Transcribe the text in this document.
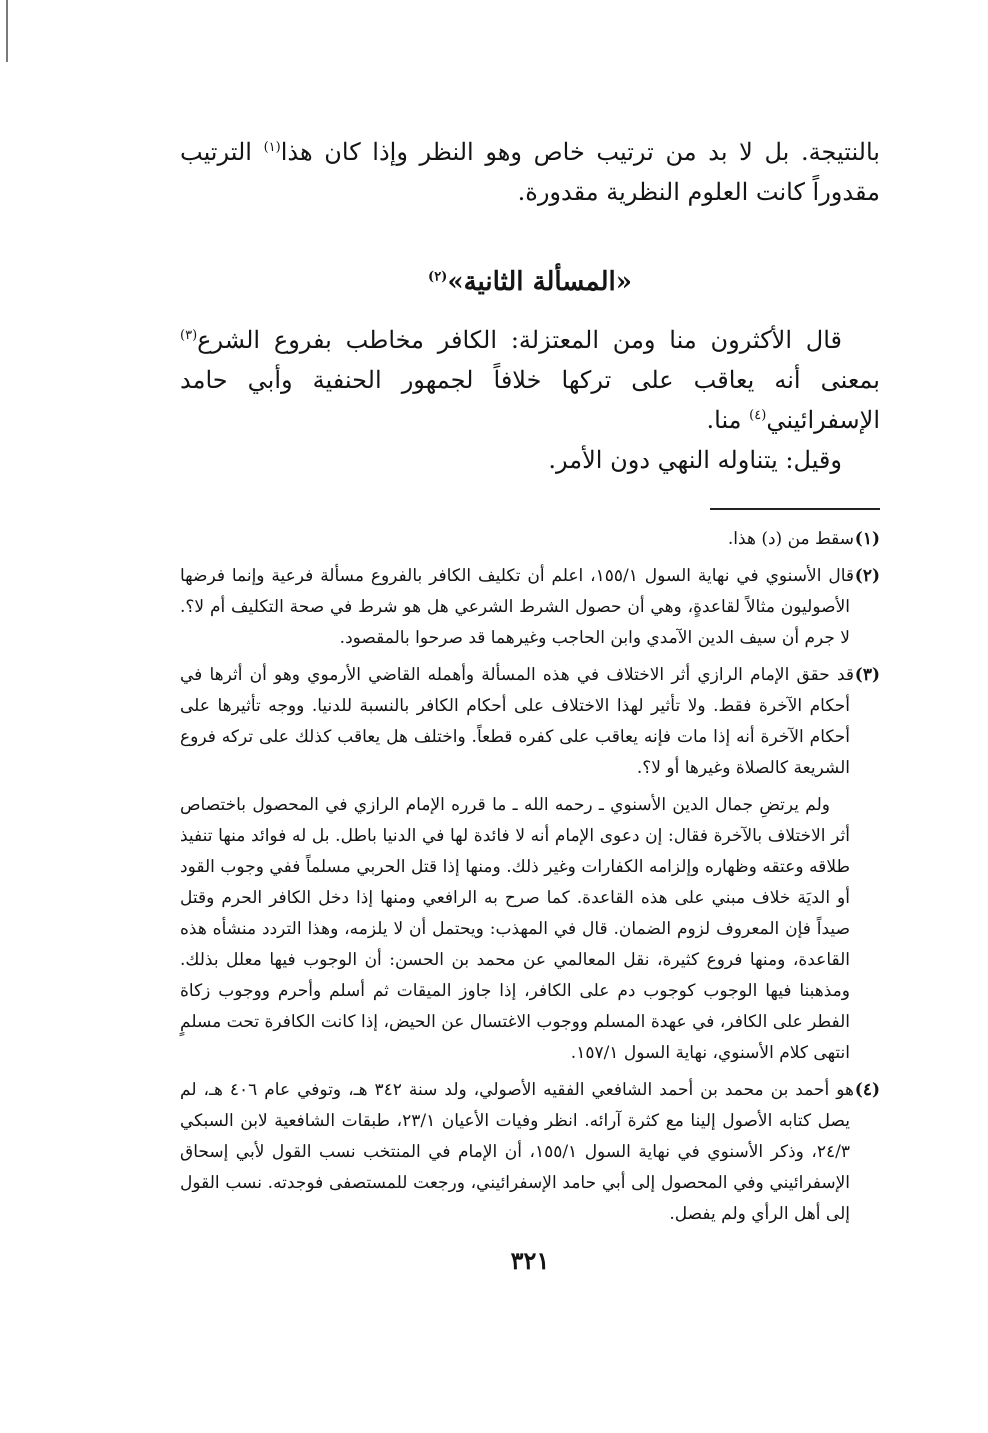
بالنتيجة. بل لا بد من ترتيب خاص وهو النظر وإذا كان هذا$^{(١)}$ الترتيب مقدوراً كانت العلوم النظرية مقدورة.

«المسألة الثانية»$^{(٢)}$

قال الأكثرون منا ومن المعتزلة: الكافر مخاطب بفروع الشرع$^{(٣)}$ بمعنى أنه يعاقب على تركها خلافاً لجمهور الحنفية وأبي حامد الإسفرائيني$^{(٤)}$ منا.

وقيل: يتناوله النهي دون الأمر.

(١)سقط من (د) هذا.

(٢)قال الأسنوي في نهاية السول ١٥٥/١، اعلم أن تكليف الكافر بالفروع مسألة فرعية وإنما فرضها الأصوليون مثالاً لقاعدةٍ، وهي أن حصول الشرط الشرعي هل هو شرط في صحة التكليف أم لا؟. لا جرم أن سيف الدين الآمدي وابن الحاجب وغيرهما قد صرحوا بالمقصود.

(٣)قد حقق الإمام الرازي أثر الاختلاف في هذه المسألة وأهمله القاضي الأرموي وهو أن أثرها في أحكام الآخرة فقط. ولا تأثير لهذا الاختلاف على أحكام الكافر بالنسبة للدنيا. ووجه تأثيرها على أحكام الآخرة أنه إذا مات فإنه يعاقب على كفره قطعاً. واختلف هل يعاقب كذلك على تركه فروع الشريعة كالصلاة وغيرها أو لا؟.

ولم يرتضِ جمال الدين الأسنوي ـ رحمه الله ـ ما قرره الإمام الرازي في المحصول باختصاص أثر الاختلاف بالآخرة فقال: إن دعوى الإمام أنه لا فائدة لها في الدنيا باطل. بل له فوائد منها تنفيذ طلاقه وعتقه وظهاره وإلزامه الكفارات وغير ذلك. ومنها إذا قتل الحربي مسلماً ففي وجوب القود أو الديَة خلاف مبني على هذه القاعدة. كما صرح به الرافعي ومنها إذا دخل الكافر الحرم وقتل صيداً فإن المعروف لزوم الضمان. قال في المهذب: ويحتمل أن لا يلزمه، وهذا التردد منشأه هذه القاعدة، ومنها فروع كثيرة، نقل المعالمي عن محمد بن الحسن: أن الوجوب فيها معلل بذلك. ومذهبنا فيها الوجوب كوجوب دم على الكافر، إذا جاوز الميقات ثم أسلم وأحرم ووجوب زكاة الفطر على الكافر، في عهدة المسلم ووجوب الاغتسال عن الحيض، إذا كانت الكافرة تحت مسلمٍ انتهى كلام الأسنوي، نهاية السول ١٥٧/١.

(٤)هو أحمد بن محمد بن أحمد الشافعي الفقيه الأصولي، ولد سنة ٣٤٢ هـ، وتوفي عام ٤٠٦ هـ، لم يصل كتابه الأصول إلينا مع كثرة آرائه. انظر وفيات الأعيان ٢٣/١، طبقات الشافعية لابن السبكي ٢٤/٣، وذكر الأسنوي في نهاية السول ١٥٥/١، أن الإمام في المنتخب نسب القول لأبي إسحاق الإسفرائيني وفي المحصول إلى أبي حامد الإسفرائيني، ورجعت للمستصفى فوجدته. نسب القول إلى أهل الرأي ولم يفصل.

٣٢١
